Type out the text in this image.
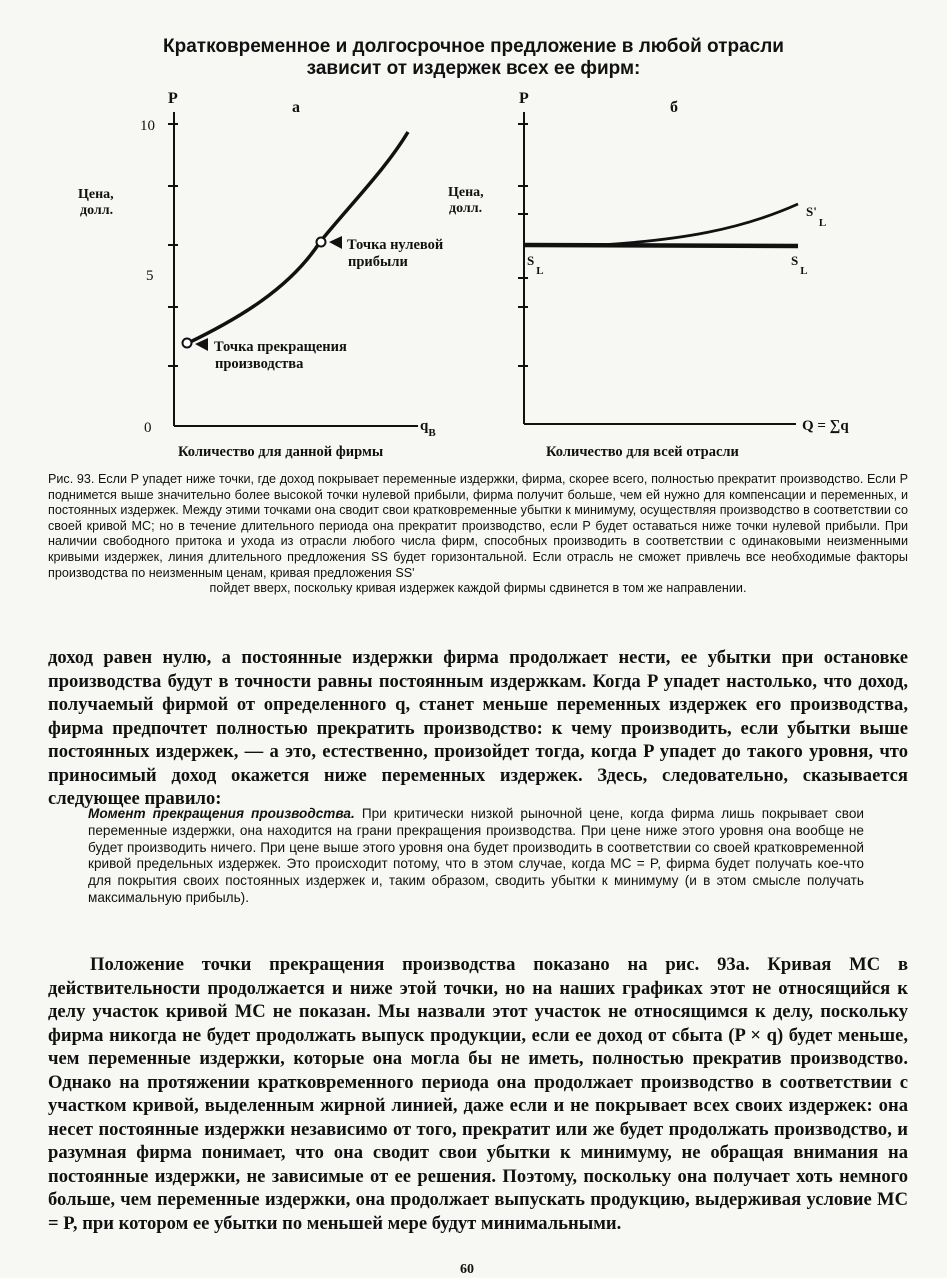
Кратковременное и долгосрочное предложение в любой отрасли
зависит от издержек всех ее фирм:
а
P
10
5
0
Цена,
долл.
$q_В$
Точка нулевой
прибыли
Точка прекращения
производства
Количество для данной фирмы
б
P
Цена,
долл.
Q = ∑q
$S_L$
$S_L$
$S'_L$
Количество для всей отрасли
Рис. 93. Если P упадет ниже точки, где доход покрывает переменные издержки, фирма, скорее всего, полностью прекратит производство. Если P поднимется выше значительно более высокой точки нулевой прибыли, фирма получит больше, чем ей нужно для компенсации и переменных, и постоянных издержек. Между этими точками она сводит свои кратковременные убытки к минимуму, осуществляя производство в соответствии со своей кривой MC; но в течение длительного периода она прекратит производство, если P будет оставаться ниже точки нулевой прибыли. При наличии свободного притока и ухода из отрасли любого числа фирм, способных производить в соответствии с одинаковыми неизменными кривыми издержек, линия длительного предложения SS будет горизонтальной. Если отрасль не сможет привлечь все необходимые факторы производства по неизменным ценам, кривая предложения SS'
пойдет вверх, поскольку кривая издержек каждой фирмы сдвинется в том же направлении.
доход равен нулю, а постоянные издержки фирма продолжает нести, ее убытки при остановке производства будут в точности равны постоянным издержкам. Когда P упадет настолько, что доход, получаемый фирмой от определенного q, станет меньше переменных издержек его производства, фирма предпочтет полностью прекратить производство: к чему производить, если убытки выше постоянных издержек, — а это, естественно, произойдет тогда, когда P упадет до такого уровня, что приносимый доход окажется ниже переменных издержек. Здесь, следовательно, сказывается следующее правило:
Момент прекращения производства. При критически низкой рыночной цене, когда фирма лишь покрывает свои переменные издержки, она находится на грани прекращения производства. При цене ниже этого уровня она вообще не будет производить ничего. При цене выше этого уровня она будет производить в соответствии со своей кратковременной кривой предельных издержек. Это происходит потому, что в этом случае, когда MC = P, фирма будет получать кое-что для покрытия своих постоянных издержек и, таким образом, сводить убытки к минимуму (и в этом смысле получать максимальную прибыль).
Положение точки прекращения производства показано на рис. 93а. Кривая MC в действительности продолжается и ниже этой точки, но на наших графиках этот не относящийся к делу участок кривой MC не показан. Мы назвали этот участок не относящимся к делу, поскольку фирма никогда не будет продолжать выпуск продукции, если ее доход от сбыта (P × q) будет меньше, чем переменные издержки, которые она могла бы не иметь, полностью прекратив производство. Однако на протяжении кратковременного периода она продолжает производство в соответствии с участком кривой, выделенным жирной линией, даже если и не покрывает всех своих издержек: она несет постоянные издержки независимо от того, прекратит или же будет продолжать производство, и разумная фирма понимает, что она сводит свои убытки к минимуму, не обращая внимания на постоянные издержки, не зависимые от ее решения. Поэтому, поскольку она получает хоть немного больше, чем переменные издержки, она продолжает выпускать продукцию, выдерживая условие MC = P, при котором ее убытки по меньшей мере будут минимальными.
60
